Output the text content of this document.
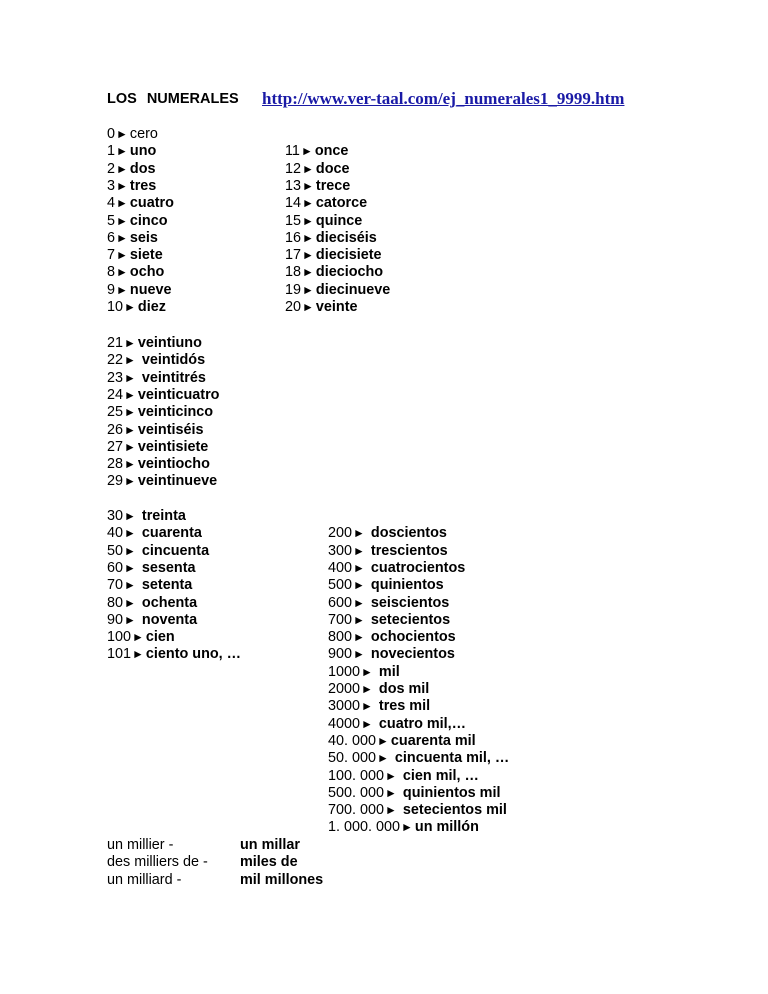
LOS NUMERALES http://www.ver-taal.com/ej_numerales1_9999.htm
0► cero
1► uno
2► dos
3► tres
4► cuatro
5► cinco
6► seis
7► siete
8► ocho
9► nueve
10► diez
11► once
12► doce
13► trece
14► catorce
15► quince
16► dieciséis
17► diecisiete
18► dieciocho
19► diecinueve
20► veinte
21► veintiuno
22► veintidós
23► veintitrés
24► veinticuatro
25► veinticinco
26► veintiséis
27► veintisiete
28► veintiocho
29► veintinueve
30► treinta
40► cuarenta
50► cincuenta
60► sesenta
70► setenta
80► ochenta
90► noventa
100► cien
101► ciento uno, …
200► doscientos
300► trescientos
400► cuatrocientos
500► quinientos
600► seiscientos
700► setecientos
800► ochocientos
900► novecientos
1000► mil
2000► dos mil
3000► tres mil
4000► cuatro mil,…
40. 000► cuarenta mil
50. 000► cincuenta mil, …
100. 000► cien mil, …
500. 000► quinientos mil
700. 000► setecientos mil
1. 000. 000► un millón
un millier -	un millar
des milliers de - miles de
un milliard -	mil millones
